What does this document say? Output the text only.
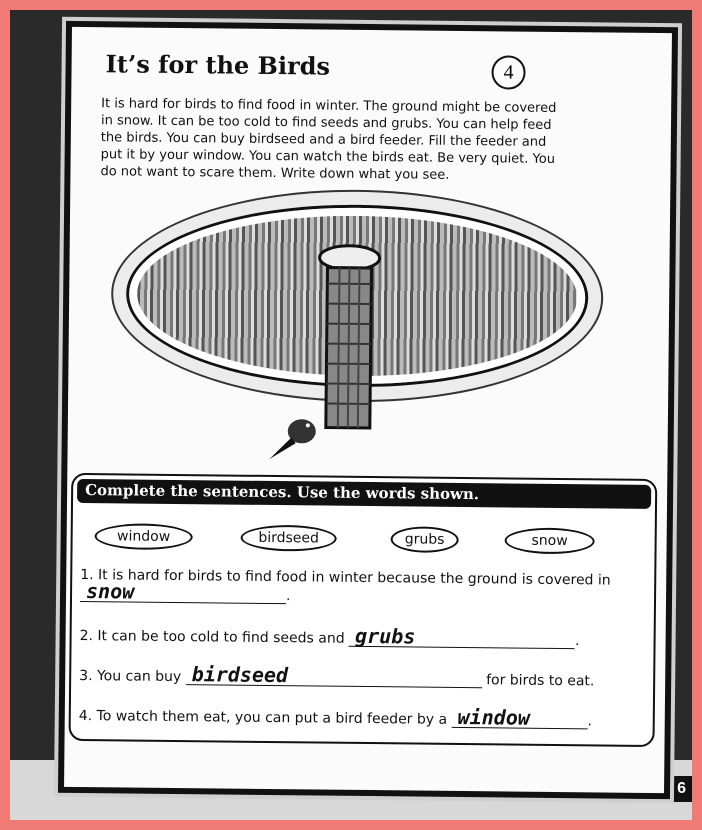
6
It’s for the Birds	4

It is hard for birds to find food in winter. The ground might be covered in snow. It can be too cold to find seeds and grubs. You can help feed the birds. You can buy birdseed and a bird feeder. Fill the feeder and put it by your window. You can watch the birds eat. Be very quiet. You do not want to scare them. Write down what you see.

Complete the sentences. Use the words shown.
window	birdseed	grubs	snow

1. It is hard for birds to find food in winter because the ground is covered in snow	.

2. It can be too cold to find seeds and grubs	.

3. You can buy birdseed	for birds to eat.

4. To watch them eat, you can put a bird feeder by a window	.
